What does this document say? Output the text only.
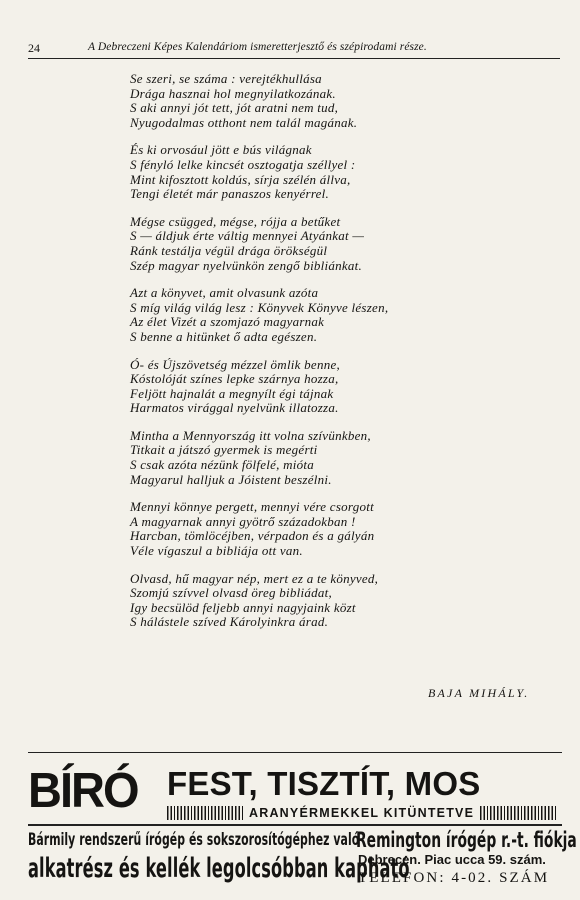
24	A Debreczeni Képes Kalendáriom ismeretterjesztő és szépirodami része.
Se szeri, se száma : verejtékhullása
Drága hasznai hol megnyilatkozának.
S aki annyi jót tett, jót aratni nem tud,
Nyugodalmas otthont nem talál magának.
És ki orvosául jött e bús világnak
S fényló lelke kincsét osztogatja széllyel :
Mint kifosztott koldús, sírja szélén állva,
Tengi életét már panaszos kenyérrel.
Mégse csügged, mégse, rójja a betűket
S — áldjuk érte váltig mennyei Atyánkat —
Ránk testálja végül drága örökségül
Szép magyar nyelvünkön zengő bibliánkat.
Azt a könyvet, amit olvasunk azóta
S míg világ világ lesz : Könyvek Könyve lészen,
Az élet Vizét a szomjazó magyarnak
S benne a hitünket ő adta egészen.
Ó- és Újszövetség mézzel ömlik benne,
Kóstolóját színes lepke szárnya hozza,
Feljött hajnalát a megnyílt égi tájnak
Harmatos virággal nyelvünk illatozza.
Mintha a Mennyország itt volna szívünkben,
Titkait a játszó gyermek is megérti
S csak azóta nézünk fölfelé, mióta
Magyarul halljuk a Jóistent beszélni.
Mennyi könnye pergett, mennyi vére csorgott
A magyarnak annyi gyötrő századokban !
Harcban, tömlöcéjben, vérpadon és a gályán
Véle vígaszul a bibliája ott van.
Olvasd, hű magyar nép, mert ez a te könyved,
Szomjú szívvel olvasd öreg bibliádat,
Igy becsülöd feljebb annyi nagyjaink közt
S hálástele szíved Károlyinkra árad.
BAJA MIHÁLY.
BÍRÓ FEST, TISZTÍT, MOS
ARANYÉRMEKKEL KITÜNTETVE
Bármily rendszerű írógép és sokszorosítógéphez való
alkatrész és kellék legolcsóbban kapható
Remington írógép r.-t. fiókja
Debrecen. Piac ucca 59. szám.
TELEFON: 4-02. SZÁM
